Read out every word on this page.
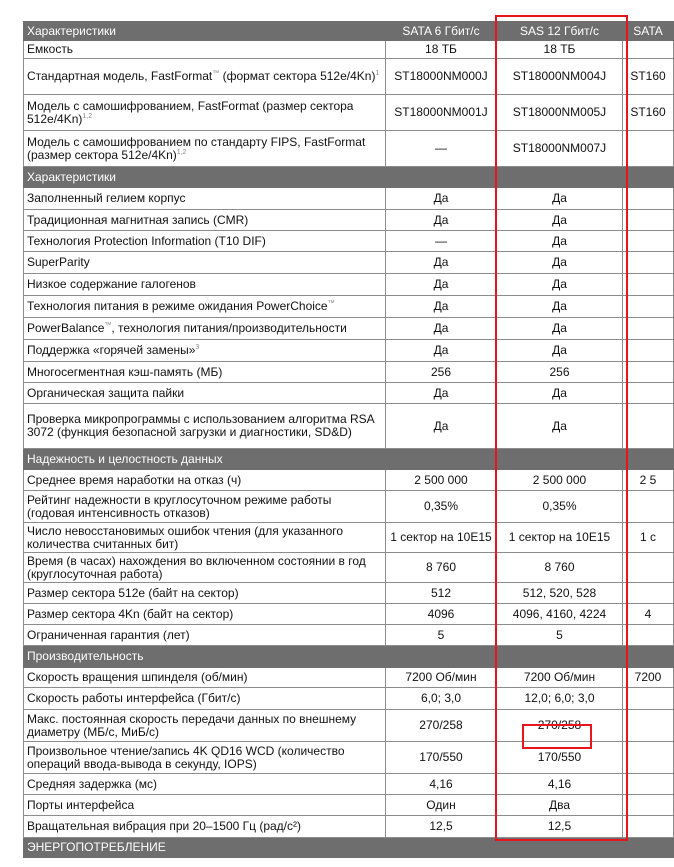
Характеристики	SATA 6 Гбит/с	SAS 12 Гбит/с	SATA
Емкость	18 ТБ	18 ТБ	
Стандартная модель, FastFormat™ (формат сектора 512е/4Kn)$^1$	ST18000NM000J	ST18000NM004J	ST160
Модель с самошифрованием, FastFormat (размер сектора 512e/4Kn)$^{1,2}$	ST18000NM001J	ST18000NM005J	ST160
Модель с самошифрованием по стандарту FIPS, FastFormat (размер сектора 512e/4Kn)$^{1,2}$	—	ST18000NM007J	
Характеристики			
Заполненный гелием корпус	Да	Да	
Традиционная магнитная запись (CMR)	Да	Да	
Технология Protection Information (T10 DIF)	—	Да	
SuperParity	Да	Да	
Низкое содержание галогенов	Да	Да	
Технология питания в режиме ожидания PowerChoice™	Да	Да	
PowerBalance™, технология питания/производительности	Да	Да	
Поддержка «горячей замены»$^3$	Да	Да	
Многосегментная кэш-память (МБ)	256	256	
Органическая защита пайки	Да	Да	
Проверка микропрограммы с использованием алгоритма RSA 3072 (функция безопасной загрузки и диагностики, SD&D)	Да	Да	
Надежность и целостность данных			
Среднее время наработки на отказ (ч)	2 500 000	2 500 000	2 5
Рейтинг надежности в круглосуточном режиме работы (годовая интенсивность отказов)	0,35%	0,35%	
Число невосстановимых ошибок чтения (для указанного количества считанных бит)	1 сектор на 10E15	1 сектор на 10E15	1 с
Время (в часах) нахождения во включенном состоянии в год (круглосуточная работа)	8 760	8 760	
Размер сектора 512e (байт на сектор)	512	512, 520, 528	
Размер сектора 4Kn (байт на сектор)	4096	4096, 4160, 4224	4
Ограниченная гарантия (лет)	5	5	
Производительность			
Скорость вращения шпинделя (об/мин)	7200 Об/мин	7200 Об/мин	7200
Скорость работы интерфейса (Гбит/с)	6,0; 3,0	12,0; 6,0; 3,0	
Макс. постоянная скорость передачи данных по внешнему диаметру (МБ/с, МиБ/с)	270/258	270/258	
Произвольное чтение/запись 4K QD16 WCD (количество операций ввода-вывода в секунду, IOPS)	170/550	170/550	
Средняя задержка (мс)	4,16	4,16	
Порты интерфейса	Один	Два	
Вращательная вибрация при 20–1500 Гц (рад/с²)	12,5	12,5	
ЭНЕРГОПОТРЕБЛЕНИЕ			
